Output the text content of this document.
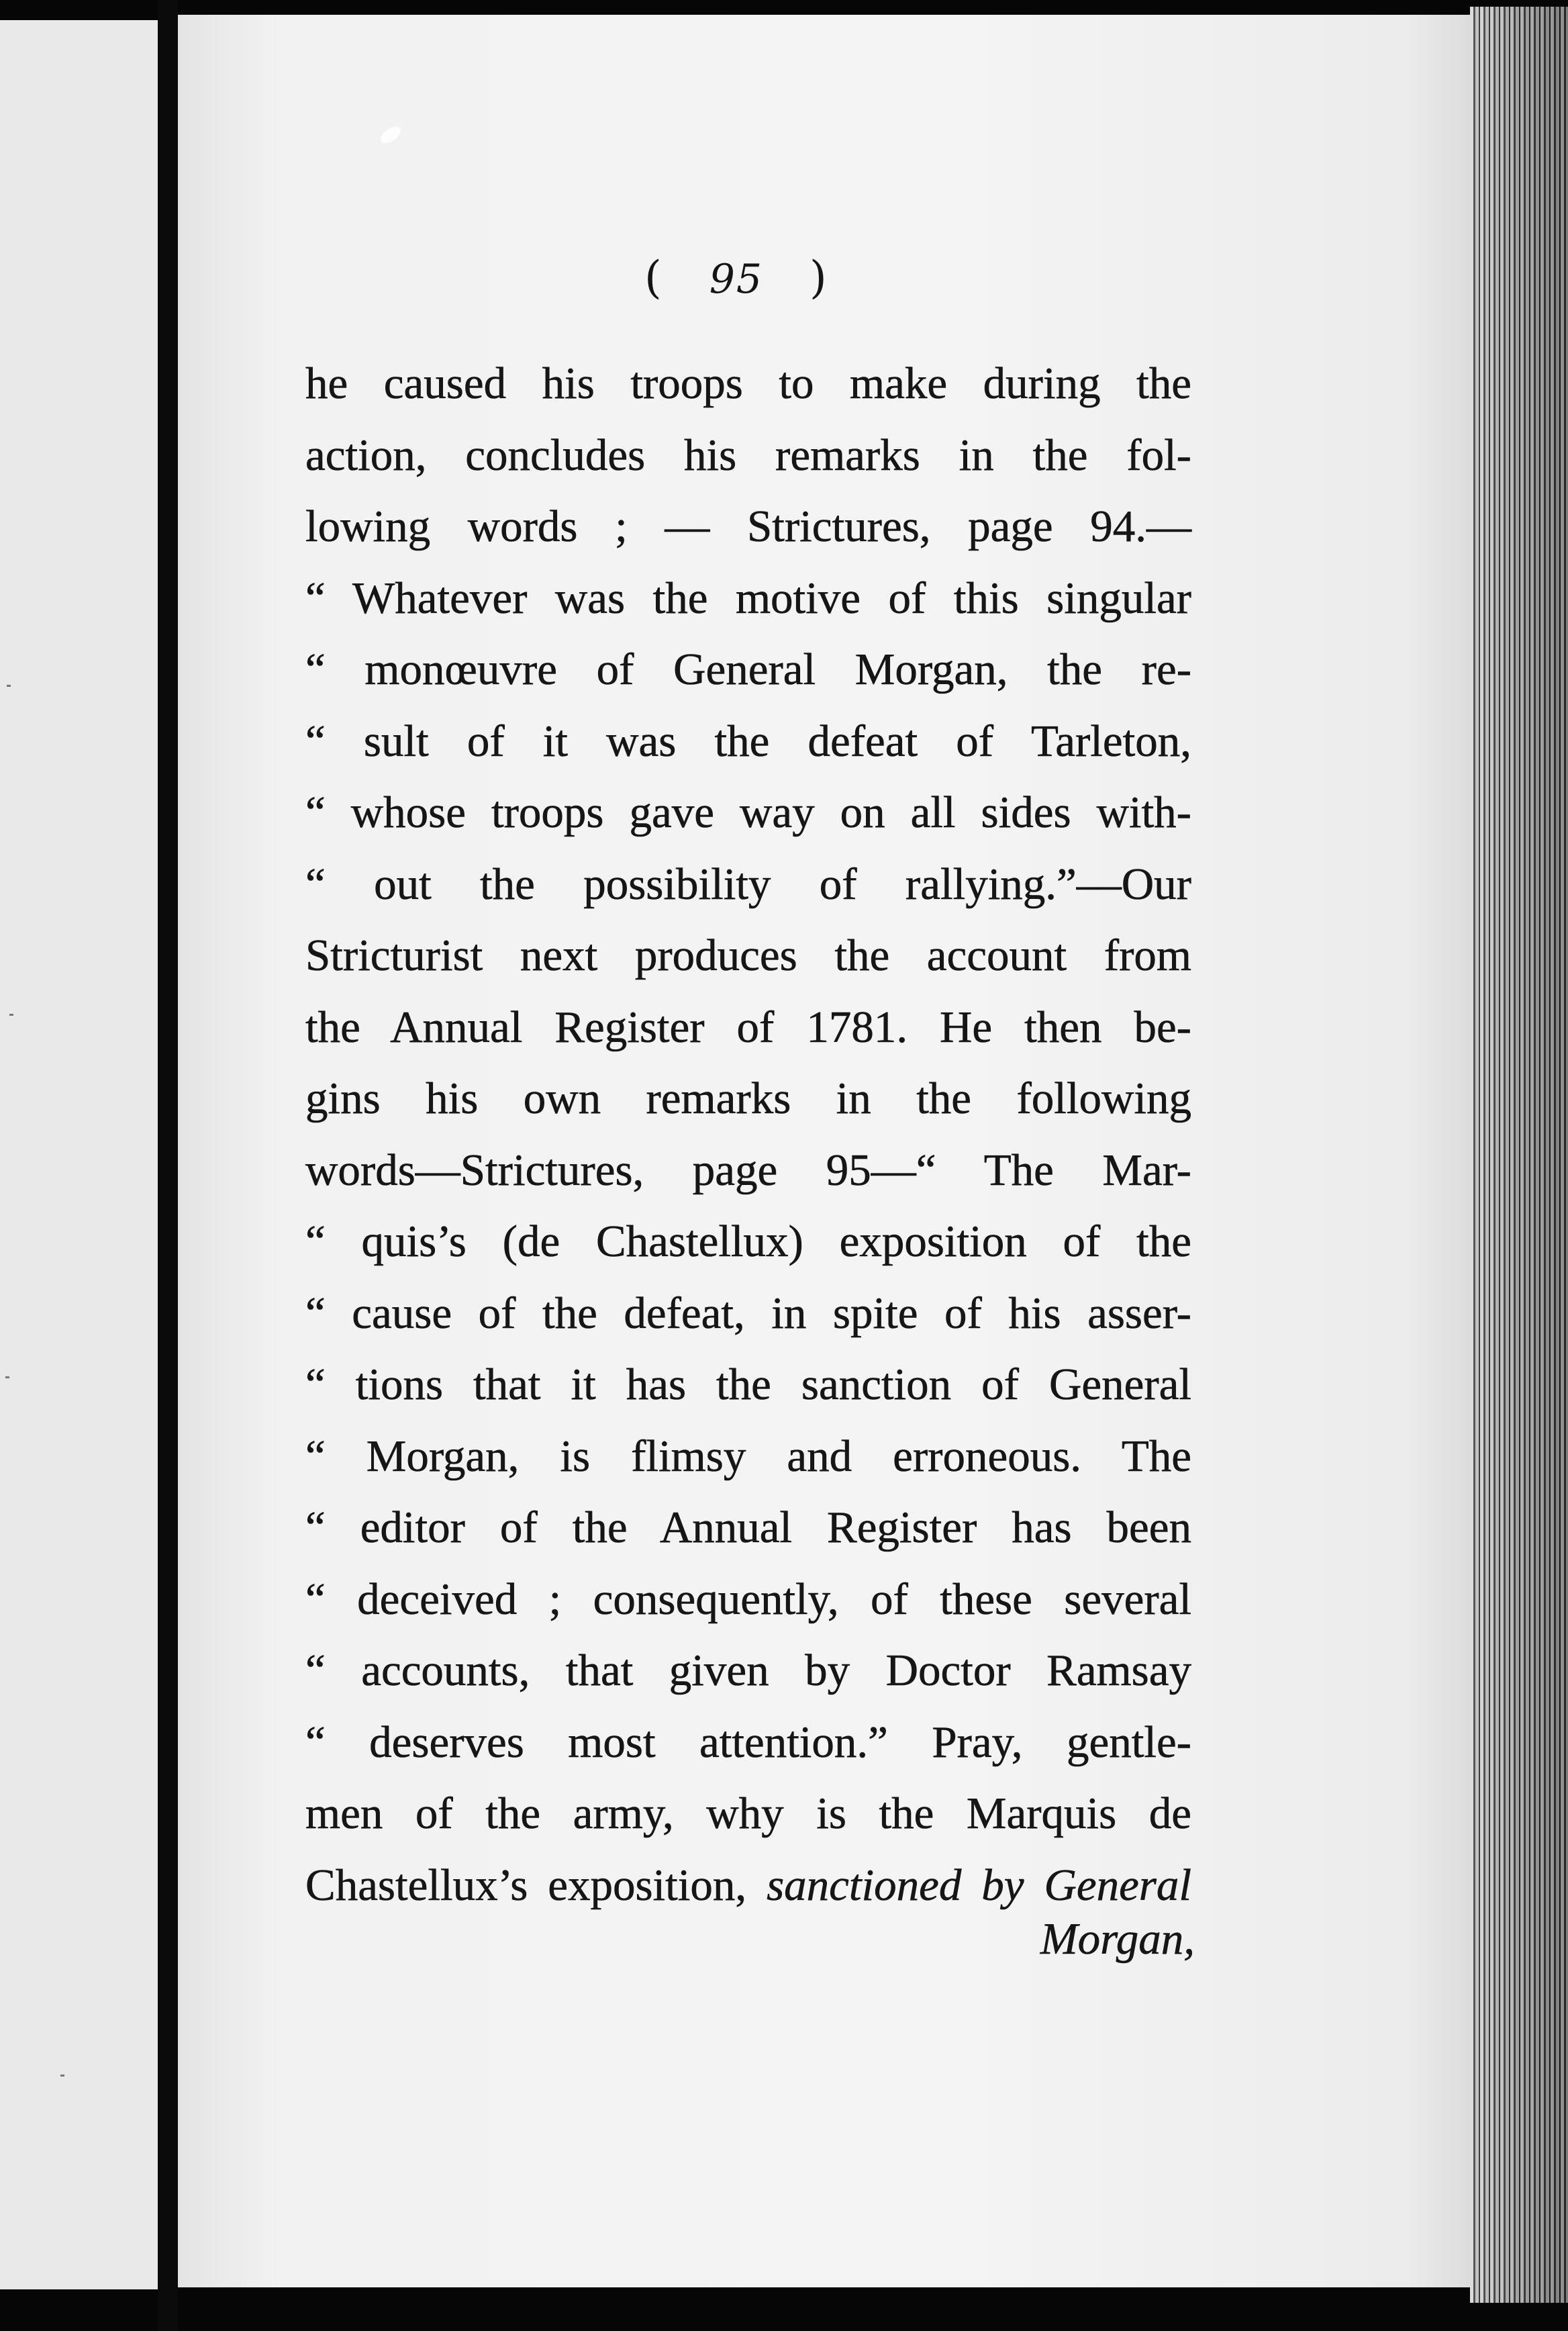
( 95 )
he caused his troops to make during the
action, concludes his remarks in the fol-
lowing words ; — Strictures, page 94.—
“ Whatever was the motive of this singular
“ monœuvre of General Morgan, the re-
“ sult of it was the defeat of Tarleton,
“ whose troops gave way on all sides with-
“ out the possibility of rallying.”—Our
Stricturist next produces the account from
the Annual Register of 1781. He then be-
gins his own remarks in the following
words—Strictures, page 95—“ The Mar-
“ quis’s (de Chastellux) exposition of the
“ cause of the defeat, in spite of his asser-
“ tions that it has the sanction of General
“ Morgan, is flimsy and erroneous. The
“ editor of the Annual Register has been
“ deceived ; consequently, of these several
“ accounts, that given by Doctor Ramsay
“ deserves most attention.” Pray, gentle-
men of the army, why is the Marquis de
Chastellux’s exposition, sanctioned by General
Morgan,
